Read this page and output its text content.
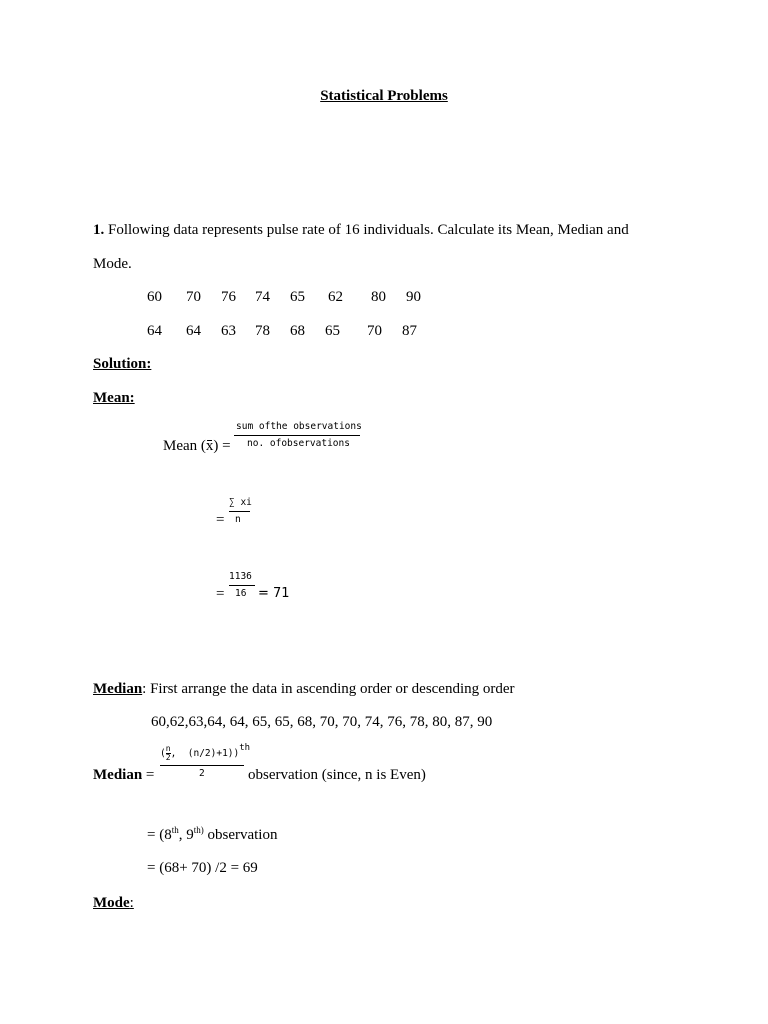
Statistical Problems
1. Following data represents pulse rate of 16 individuals. Calculate its Mean, Median and
Mode.
60 70 76 74 65 62 80 90
64 64 63 78 68 65 70 87
Solution:
Mean:
Mean (x) =
sum ofthe observations
no. ofobservations
∑ xi
n
=
1136
16
=	= 71
Median: First arrange the data in ascending order or descending order
60,62,63,64, 64, 65, 65, 68, 70, 70, 74, 76, 78, 80, 87, 90
Median =
($\frac{n}{2}$ , (n/2)+1))$^{th}$
2	observation (since, n is Even)
= (8th, $9^{th)}$ observation
= (68+ 70) /2 = 69
Mode:
